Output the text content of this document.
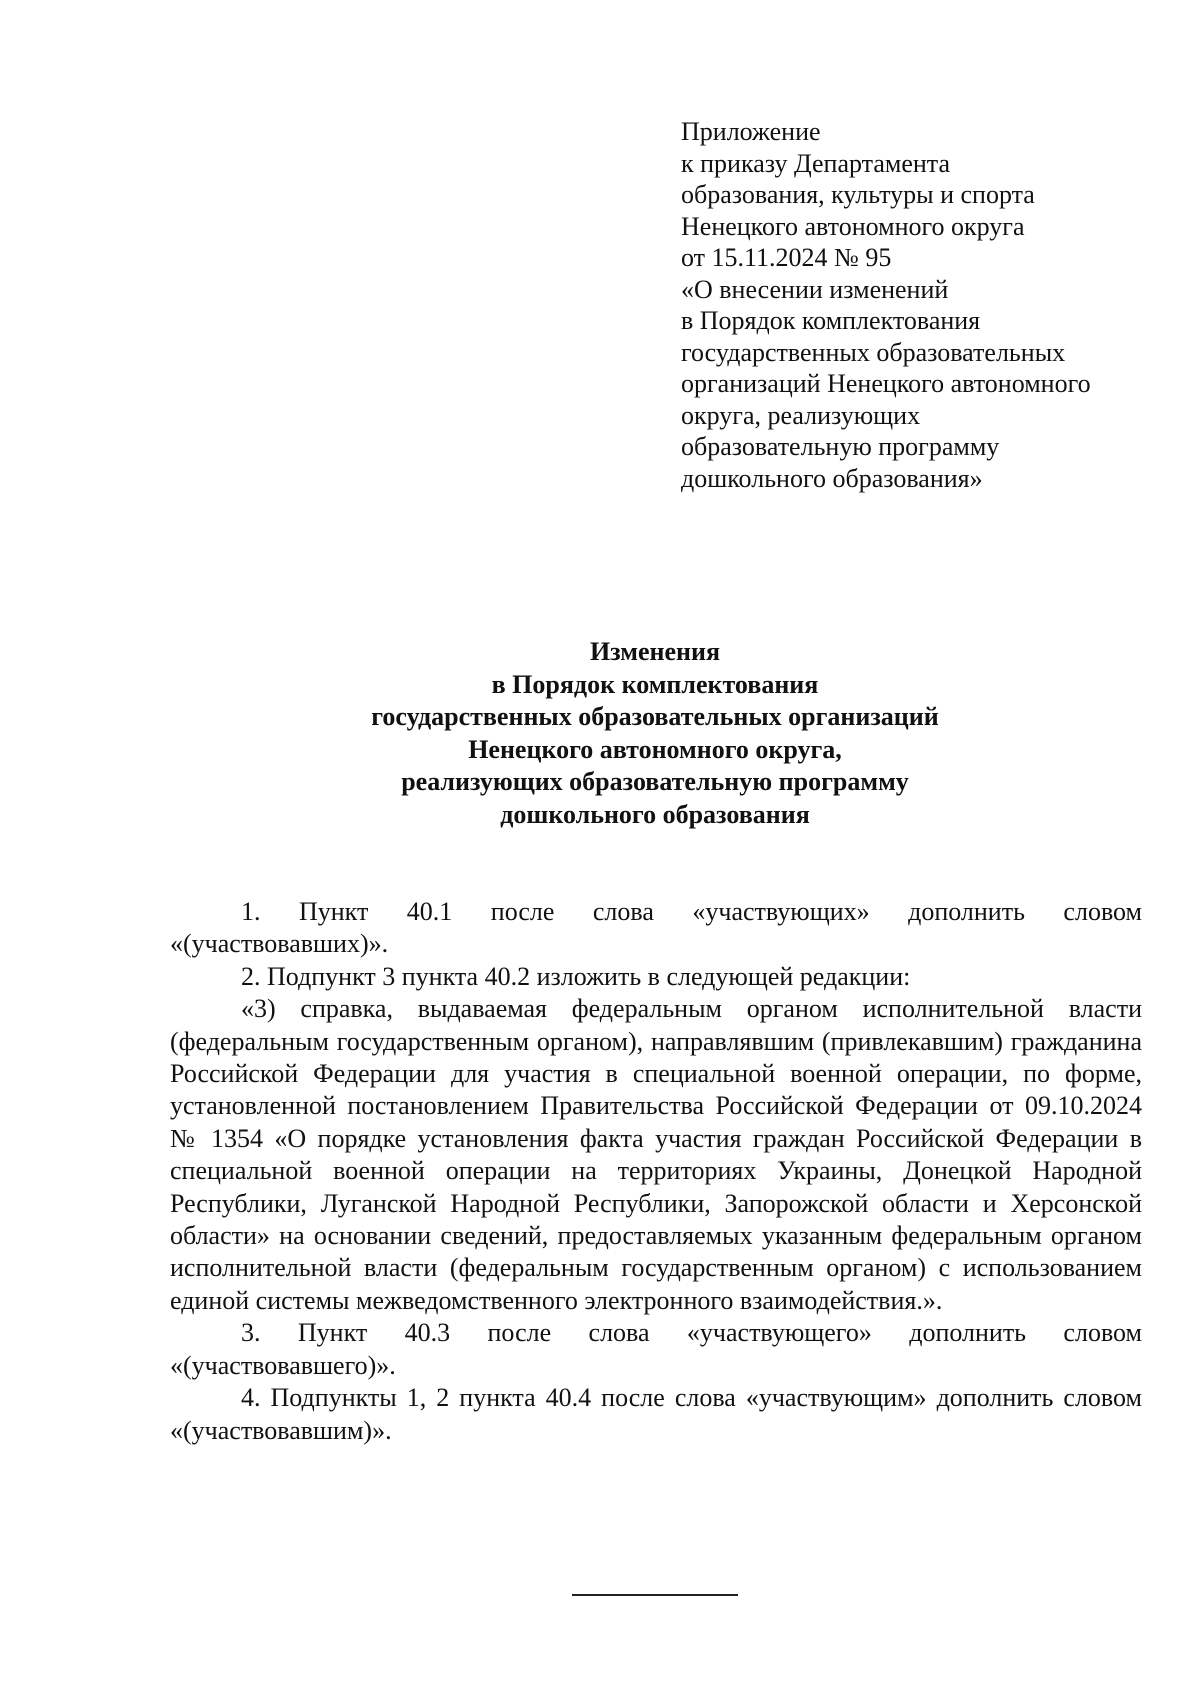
Приложение
к приказу Департамента
образования, культуры и спорта
Ненецкого автономного округа
от 15.11.2024 № 95
«О внесении изменений
в Порядок комплектования
государственных образовательных
организаций Ненецкого автономного
округа, реализующих
образовательную программу
дошкольного образования»
Изменения
в Порядок комплектования
государственных образовательных организаций
Ненецкого автономного округа,
реализующих образовательную программу
дошкольного образования

1. Пункт 40.1 после слова «участвующих» дополнить словом «(участвовавших)».

2. Подпункт 3 пункта 40.2 изложить в следующей редакции:

«3) справка, выдаваемая федеральным органом исполнительной власти (федеральным государственным органом), направлявшим (привлекавшим) гражданина Российской Федерации для участия в специальной военной операции, по форме, установленной постановлением Правительства Российской Федерации от 09.10.2024 № 1354 «О порядке установления факта участия граждан Российской Федерации в специальной военной операции на территориях Украины, Донецкой Народной Республики, Луганской Народной Республики, Запорожской области и Херсонской области» на основании сведений, предоставляемых указанным федеральным органом исполнительной власти (федеральным государственным органом) с использованием единой системы межведомственного электронного взаимодействия.».

3. Пункт 40.3 после слова «участвующего» дополнить словом «(участвовавшего)».

4. Подпункты 1, 2 пункта 40.4 после слова «участвующим» дополнить словом «(участвовавшим)».
